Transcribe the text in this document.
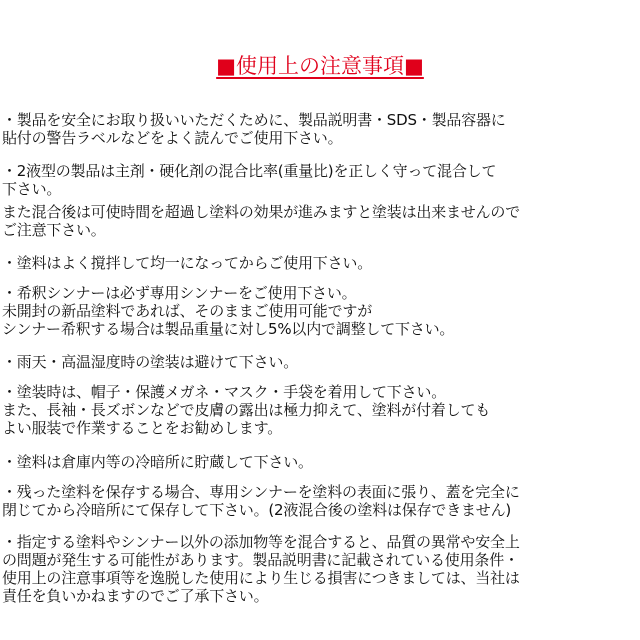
■使用上の注意事項■
・製品を安全にお取り扱いいただくために、製品説明書・SDS・製品容器に
貼付の警告ラベルなどをよく読んでご使用下さい。
・2液型の製品は主剤・硬化剤の混合比率(重量比)を正しく守って混合して
下さい。
また混合後は可使時間を超過し塗料の効果が進みますと塗装は出来ませんので
ご注意下さい。
・塗料はよく撹拌して均一になってからご使用下さい。
・希釈シンナーは必ず専用シンナーをご使用下さい。
未開封の新品塗料であれば、そのままご使用可能ですが
シンナー希釈する場合は製品重量に対し5%以内で調整して下さい。
・雨天・高温湿度時の塗装は避けて下さい。
・塗装時は、帽子・保護メガネ・マスク・手袋を着用して下さい。
また、長袖・長ズボンなどで皮膚の露出は極力抑えて、塗料が付着しても
よい服装で作業することをお勧めします。
・塗料は倉庫内等の冷暗所に貯蔵して下さい。
・残った塗料を保存する場合、専用シンナーを塗料の表面に張り、蓋を完全に
閉じてから冷暗所にて保存して下さい。(2液混合後の塗料は保存できません)
・指定する塗料やシンナー以外の添加物等を混合すると、品質の異常や安全上
の問題が発生する可能性があります。製品説明書に記載されている使用条件・
使用上の注意事項等を逸脱した使用により生じる損害につきましては、当社は
責任を負いかねますのでご了承下さい。
